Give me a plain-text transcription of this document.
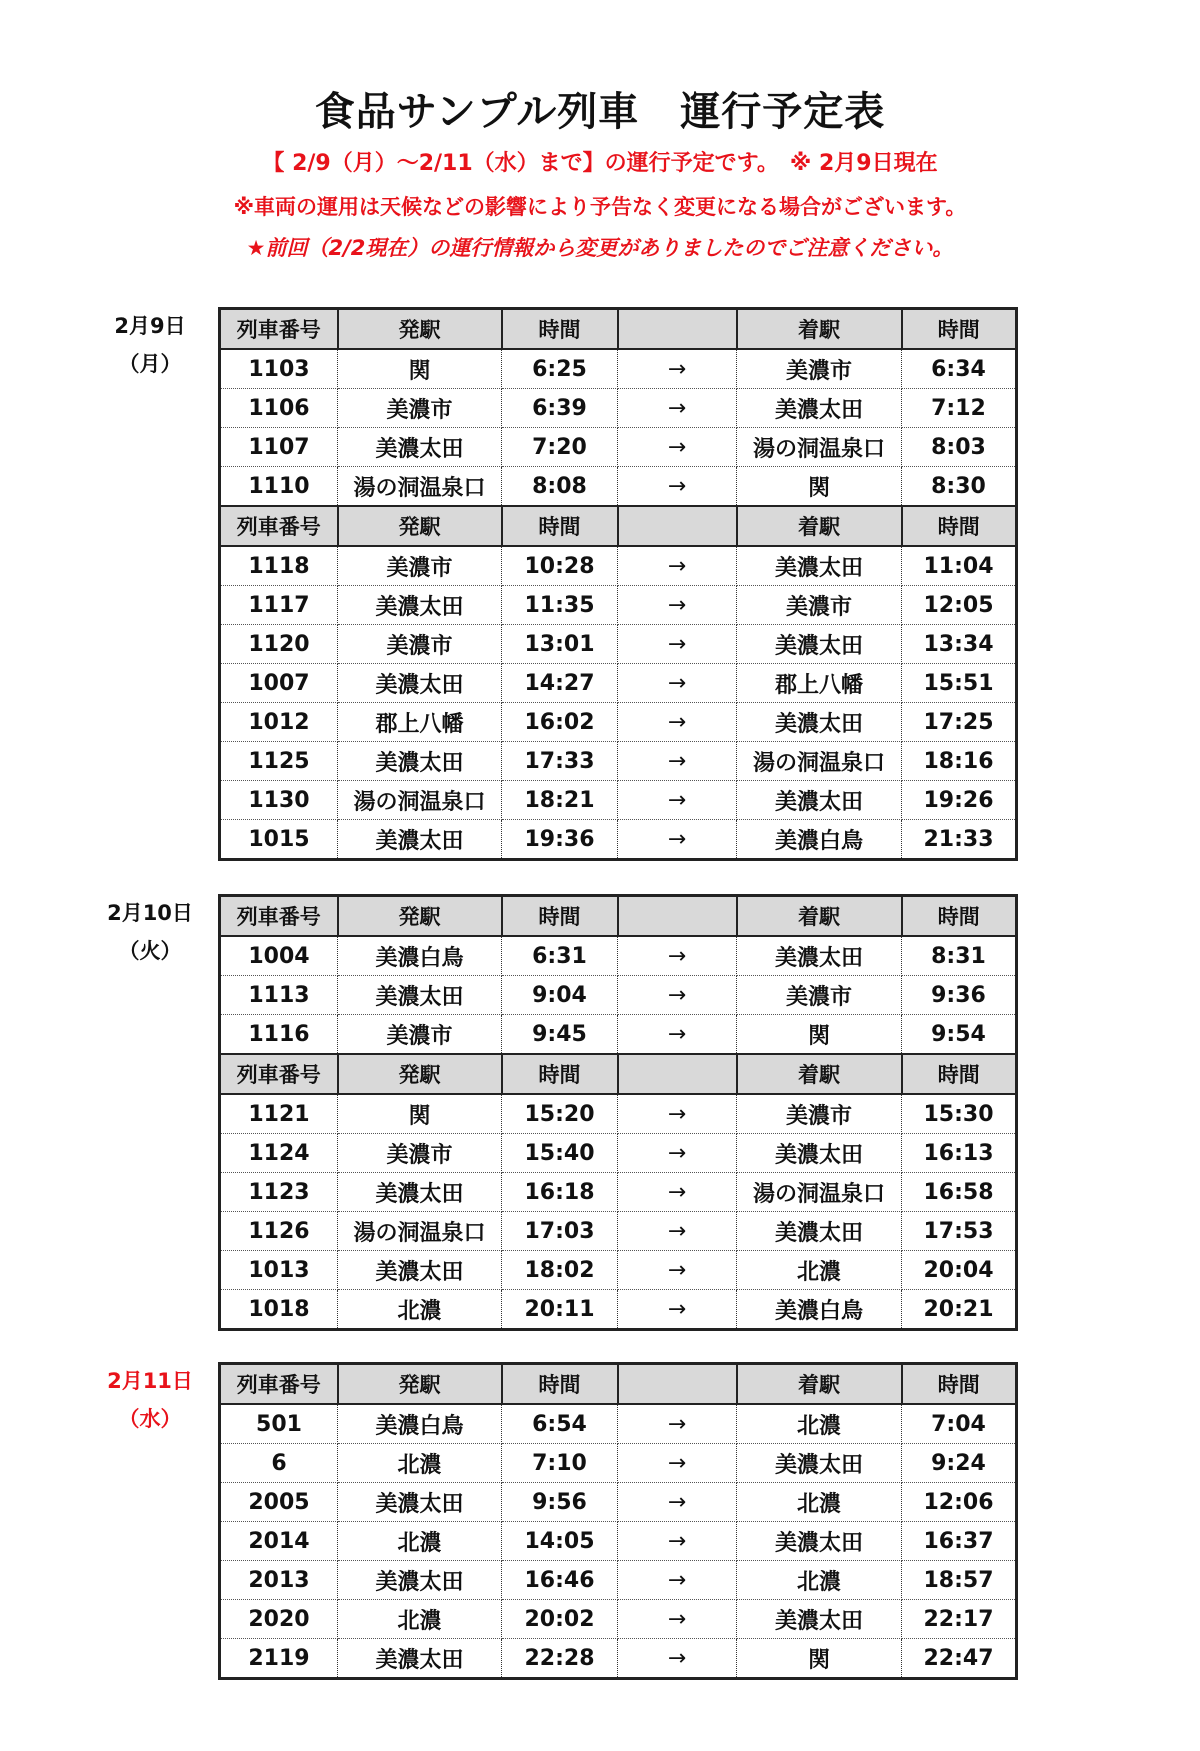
食品サンプル列車　運行予定表
【 2/9（月）～2/11（水）まで】の運行予定です。　※ 2月9日現在
※車両の運用は天候などの影響により予告なく変更になる場合がございます。
★前回（2/2現在）の運行情報から変更がありましたのでご注意ください。
2月9日
（月）
列車番号	発駅	時間		着駅	時間
1103	関	6:25	→	美濃市	6:34
1106	美濃市	6:39	→	美濃太田	7:12
1107	美濃太田	7:20	→	湯の洞温泉口	8:03
1110	湯の洞温泉口	8:08	→	関	8:30
列車番号	発駅	時間		着駅	時間
1118	美濃市	10:28	→	美濃太田	11:04
1117	美濃太田	11:35	→	美濃市	12:05
1120	美濃市	13:01	→	美濃太田	13:34
1007	美濃太田	14:27	→	郡上八幡	15:51
1012	郡上八幡	16:02	→	美濃太田	17:25
1125	美濃太田	17:33	→	湯の洞温泉口	18:16
1130	湯の洞温泉口	18:21	→	美濃太田	19:26
1015	美濃太田	19:36	→	美濃白鳥	21:33
2月10日
（火）
列車番号	発駅	時間		着駅	時間
1004	美濃白鳥	6:31	→	美濃太田	8:31
1113	美濃太田	9:04	→	美濃市	9:36
1116	美濃市	9:45	→	関	9:54
列車番号	発駅	時間		着駅	時間
1121	関	15:20	→	美濃市	15:30
1124	美濃市	15:40	→	美濃太田	16:13
1123	美濃太田	16:18	→	湯の洞温泉口	16:58
1126	湯の洞温泉口	17:03	→	美濃太田	17:53
1013	美濃太田	18:02	→	北濃	20:04
1018	北濃	20:11	→	美濃白鳥	20:21
2月11日
（水）
列車番号	発駅	時間		着駅	時間
501	美濃白鳥	6:54	→	北濃	7:04
6	北濃	7:10	→	美濃太田	9:24
2005	美濃太田	9:56	→	北濃	12:06
2014	北濃	14:05	→	美濃太田	16:37
2013	美濃太田	16:46	→	北濃	18:57
2020	北濃	20:02	→	美濃太田	22:17
2119	美濃太田	22:28	→	関	22:47
